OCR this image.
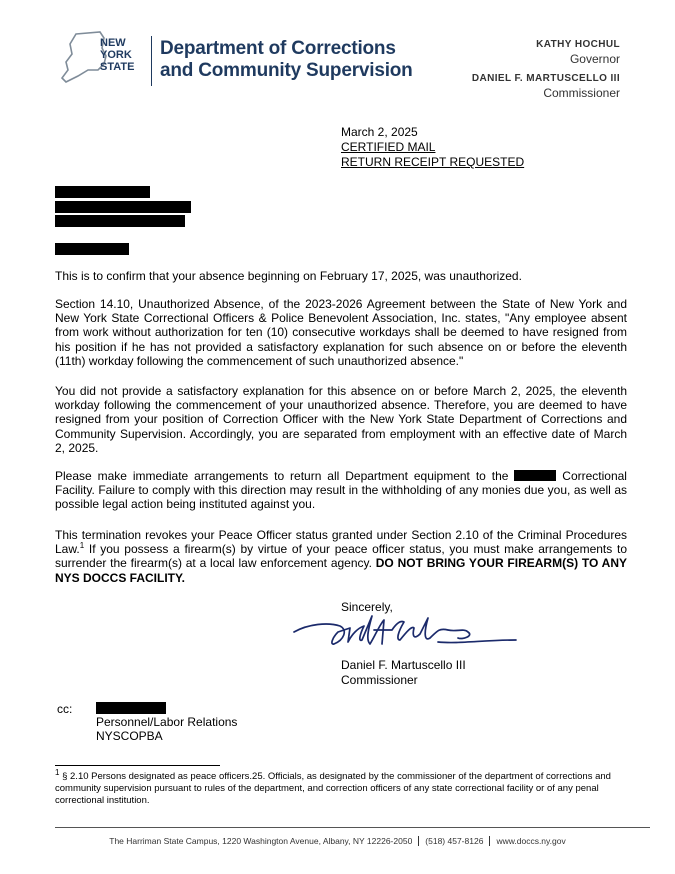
NEW
YORK
STATE
Department of Corrections
and Community Supervision
KATHY HOCHUL
Governor
DANIEL F. MARTUSCELLO III
Commissioner
March 2, 2025
CERTIFIED MAIL
RETURN RECEIPT REQUESTED
This is to confirm that your absence beginning on February 17, 2025, was unauthorized.
Section 14.10, Unauthorized Absence, of the 2023-2026 Agreement between the State of New York and New York State Correctional Officers & Police Benevolent Association, Inc. states, "Any employee absent from work without authorization for ten (10) consecutive workdays shall be deemed to have resigned from his position if he has not provided a satisfactory explanation for such absence on or before the eleventh (11th) workday following the commencement of such unauthorized absence."
You did not provide a satisfactory explanation for this absence on or before March 2, 2025, the eleventh workday following the commencement of your unauthorized absence. Therefore, you are deemed to have resigned from your position of Correction Officer with the New York State Department of Corrections and Community Supervision. Accordingly, you are separated from employment with an effective date of March 2, 2025.
Please make immediate arrangements to return all Department equipment to the	Correctional Facility. Failure to comply with this direction may result in the withholding of any monies due you, as well as possible legal action being instituted against you.
This termination revokes your Peace Officer status granted under Section 2.10 of the Criminal Procedures Law.$^1$ If you possess a firearm(s) by virtue of your peace officer status, you must make arrangements to surrender the firearm(s) at a local law enforcement agency. DO NOT BRING YOUR FIREARM(S) TO ANY NYS DOCCS FACILITY.
Sincerely,
Daniel F. Martuscello III
Commissioner
cc:
Personnel/Labor Relations
NYSCOPBA
$^1$ § 2.10 Persons designated as peace officers.25. Officials, as designated by the commissioner of the department of corrections and community supervision pursuant to rules of the department, and correction officers of any state correctional facility or of any penal correctional institution.
The Harriman State Campus, 1220 Washington Avenue, Albany, NY 12226-2050 (518) 457-8126 www.doccs.ny.gov
